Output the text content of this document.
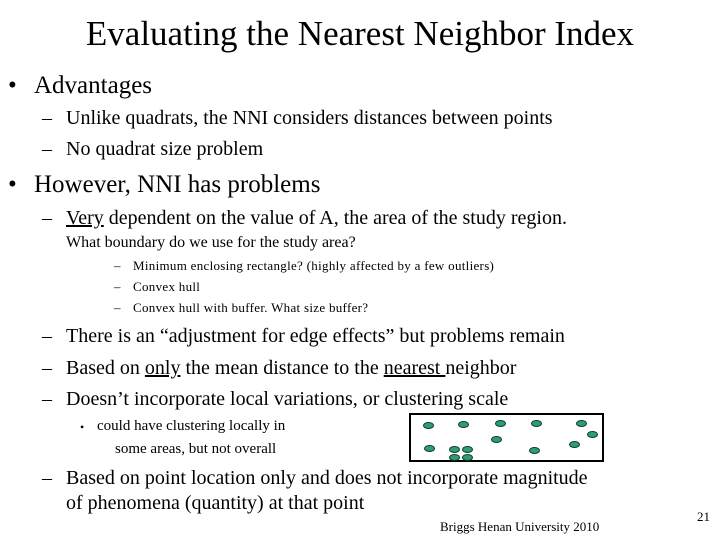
Evaluating the Nearest Neighbor Index
• Advantages
– Unlike quadrats, the NNI considers distances between points
– No quadrat size problem
• However, NNI has problems
– Very dependent on the value of A, the area of the study region.
What boundary do we use for the study area?
– Minimum enclosing rectangle? (highly affected by a few outliers)
– Convex hull
– Convex hull with buffer. What size buffer?
– There is an “adjustment for edge effects” but problems remain
– Based on only the mean distance to the nearest neighbor
– Doesn’t incorporate local variations, or clustering scale
• could have clustering locally in
some areas, but not overall
– Based on point location only and does not incorporate magnitude
of phenomena (quantity) at that point
Briggs Henan University 2010
21
